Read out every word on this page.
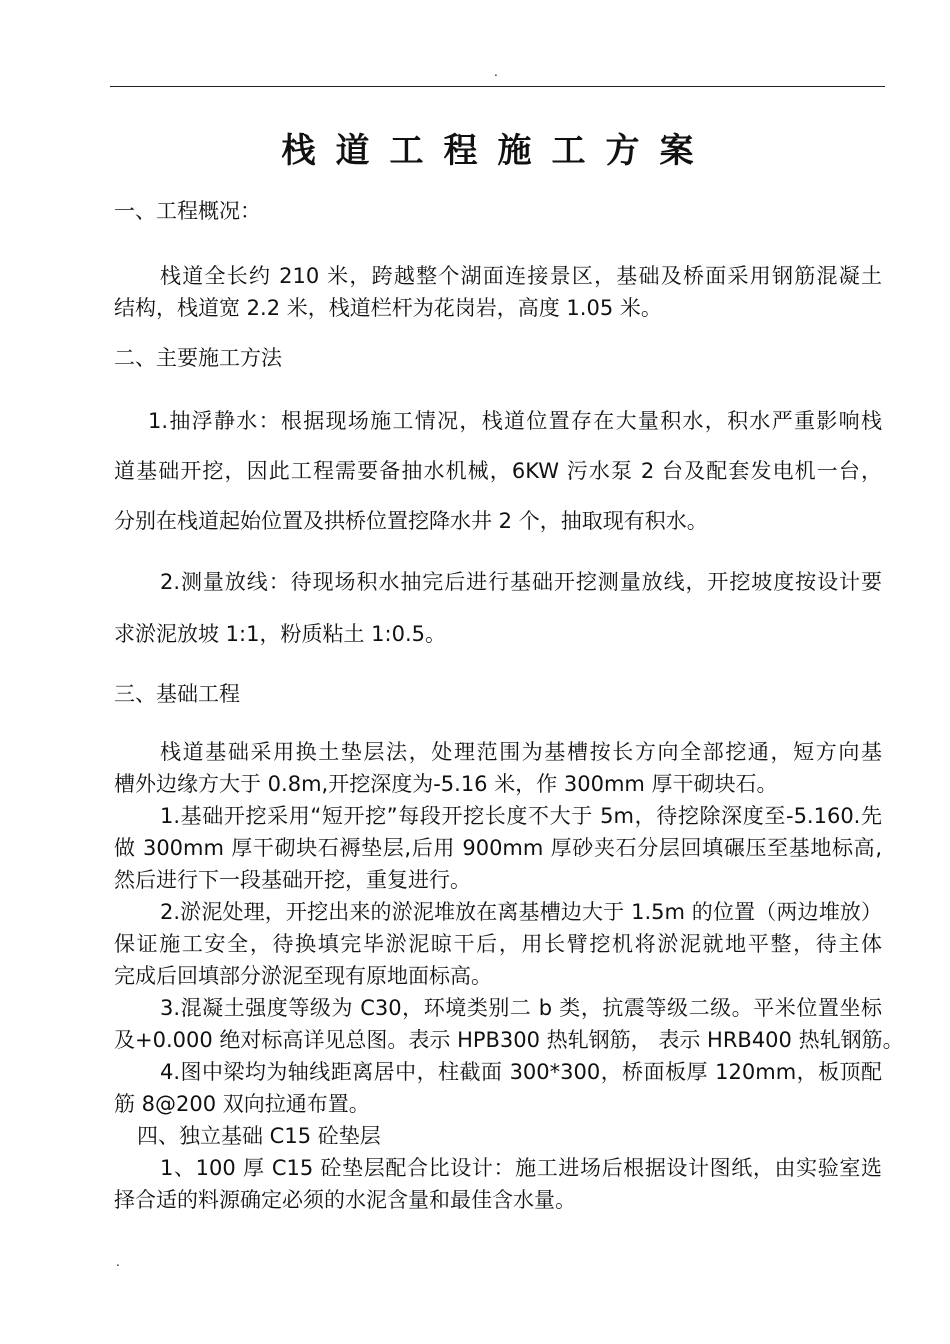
.
栈道工程施工方案
一、工程概况：
栈道全长约 210 米，跨越整个湖面连接景区，基础及桥面采用钢筋混凝土
结构，栈道宽 2.2 米，栈道栏杆为花岗岩，高度 1.05 米。
二、主要施工方法
1.抽浮静水：根据现场施工情况，栈道位置存在大量积水，积水严重影响栈
道基础开挖，因此工程需要备抽水机械，6KW 污水泵 2 台及配套发电机一台，
分别在栈道起始位置及拱桥位置挖降水井 2 个，抽取现有积水。
2.测量放线：待现场积水抽完后进行基础开挖测量放线，开挖坡度按设计要
求淤泥放坡 1:1，粉质粘土 1:0.5。
三、基础工程
栈道基础采用换土垫层法，处理范围为基槽按长方向全部挖通，短方向基
槽外边缘方大于 0.8m,开挖深度为-5.16 米，作 300mm 厚干砌块石。
1.基础开挖采用“短开挖”每段开挖长度不大于 5m，待挖除深度至-5.160.先
做 300mm 厚干砌块石褥垫层,后用 900mm 厚砂夹石分层回填碾压至基地标高,
然后进行下一段基础开挖，重复进行。
2.淤泥处理，开挖出来的淤泥堆放在离基槽边大于 1.5m 的位置（两边堆放）
保证施工安全，待换填完毕淤泥晾干后，用长臂挖机将淤泥就地平整，待主体
完成后回填部分淤泥至现有原地面标高。
3.混凝土强度等级为 C30，环境类别二 b 类，抗震等级二级。平米位置坐标
及+0.000 绝对标高详见总图。表示 HPB300 热轧钢筋， 表示 HRB400 热轧钢筋。
4.图中梁均为轴线距离居中，柱截面 300*300，桥面板厚 120mm，板顶配
筋 8@200 双向拉通布置。
四、独立基础 C15 砼垫层
1、100 厚 C15 砼垫层配合比设计：施工进场后根据设计图纸，由实验室选
择合适的料源确定必须的水泥含量和最佳含水量。
.
